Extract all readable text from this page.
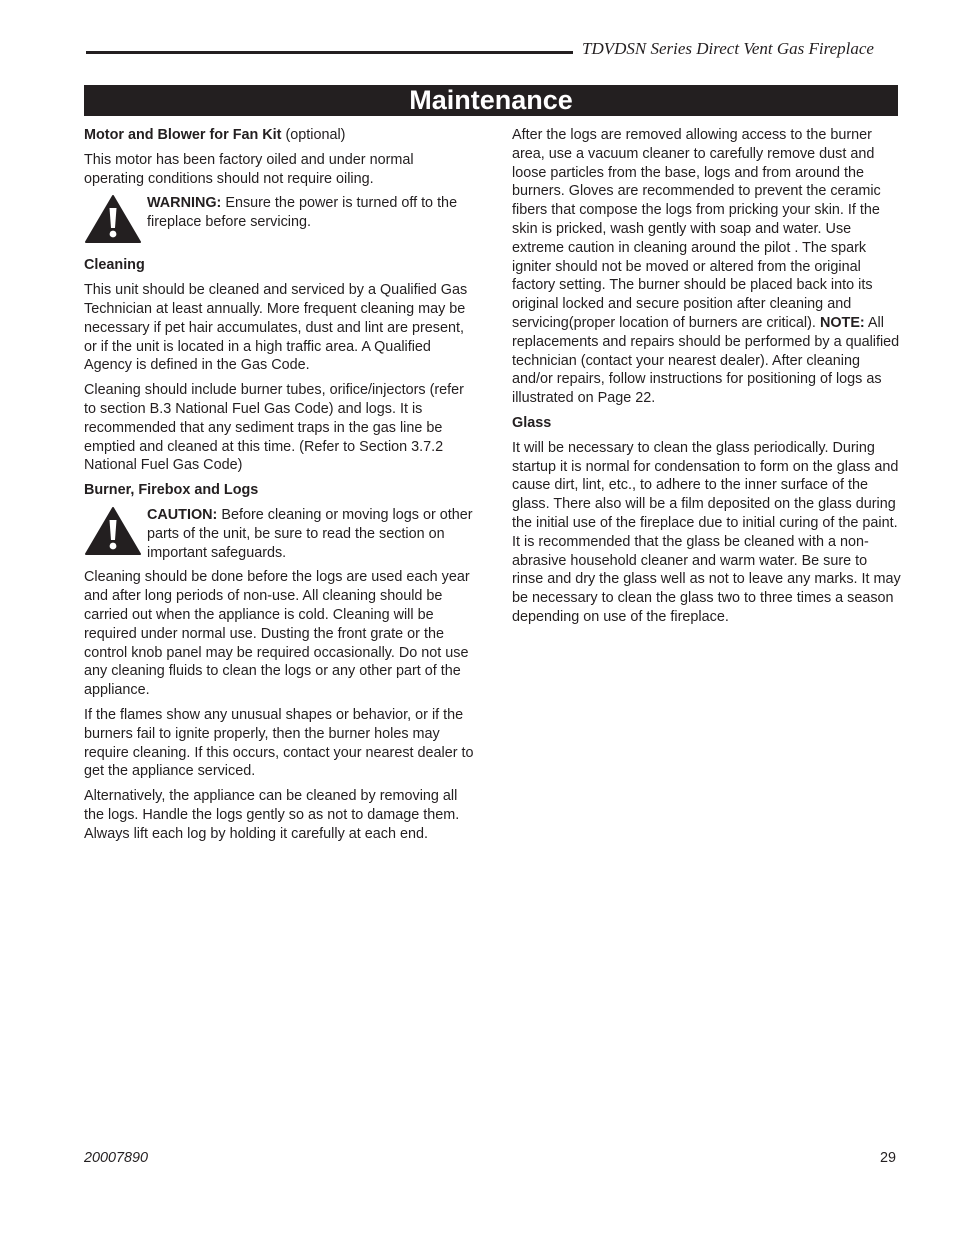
TDVDSN Series Direct Vent Gas Fireplace
Maintenance

Motor and Blower for Fan Kit (optional)

This motor has been factory oiled and under normal operating conditions should not require oiling.

WARNING: Ensure the power is turned off to the fireplace before servicing.
Cleaning

This unit should be cleaned and serviced by a Qualified Gas Technician at least annually. More frequent cleaning may be necessary if pet hair accumulates, dust and lint are present, or if the unit is located in a high traffic area. A Qualified Agency is defined in the Gas Code.

Cleaning should include burner tubes, orifice/injectors (refer to section B.3 National Fuel Gas Code) and logs. It is recommended that any sediment traps in the gas line be emptied and cleaned at this time. (Refer to Section 3.7.2 National Fuel Gas Code)

Burner, Firebox and Logs
CAUTION: Before cleaning or moving logs or other parts of the unit, be sure to read the section on important safeguards.

Cleaning should be done before the logs are used each year and after long periods of non-use. All cleaning should be carried out when the appliance is cold. Cleaning will be required under normal use. Dusting the front grate or the control knob panel may be required occasionally. Do not use any cleaning fluids to clean the logs or any other part of the appliance.

If the flames show any unusual shapes or behavior, or if the burners fail to ignite properly, then the burner holes may require cleaning. If this occurs, contact your nearest dealer to get the appliance serviced.

Alternatively, the appliance can be cleaned by removing all the logs. Handle the logs gently so as not to damage them. Always lift each log by holding it carefully at each end.

After the logs are removed allowing access to the burner area, use a vacuum cleaner to carefully remove dust and loose particles from the base, logs and from around the burners. Gloves are recommended to prevent the ceramic fibers that compose the logs from pricking your skin. If the skin is pricked, wash gently with soap and water. Use extreme caution in cleaning around the pilot . The spark igniter should not be moved or altered from the original factory setting. The burner should be placed back into its original locked and secure position after cleaning and servicing(proper location of burners are critical). NOTE: All replacements and repairs should be performed by a qualified technician (contact your nearest dealer). After cleaning and/or repairs, follow instructions for positioning of logs as illustrated on Page 22.

Glass

It will be necessary to clean the glass periodically. During startup it is normal for condensation to form on the glass and cause dirt, lint, etc., to adhere to the inner surface of the glass. There also will be a film deposited on the glass during the initial use of the fireplace due to initial curing of the paint. It is recommended that the glass be cleaned with a non-abrasive household cleaner and warm water. Be sure to rinse and dry the glass well as not to leave any marks. It may be necessary to clean the glass two to three times a season depending on use of the fireplace.

20007890	29
